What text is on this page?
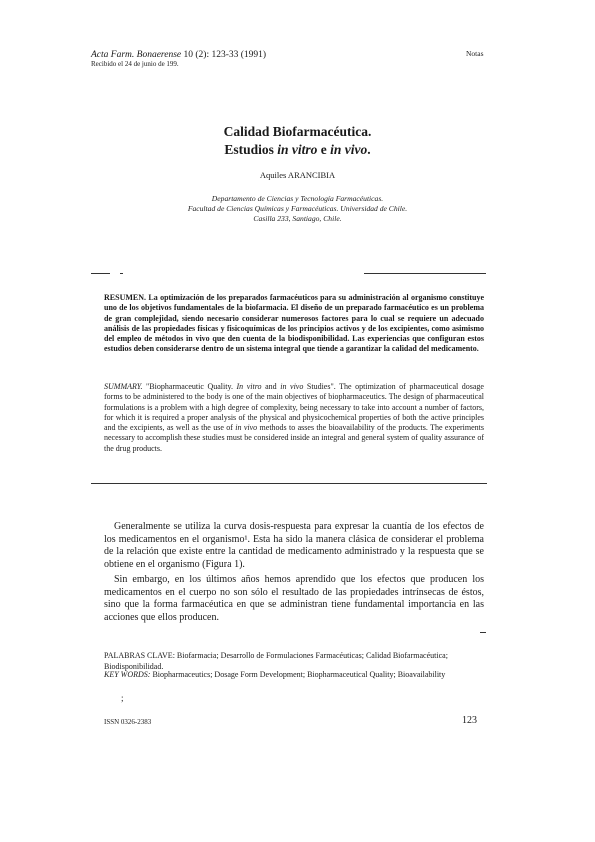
Acta Farm. Bonaerense 10 (2): 123-33 (1991)
Recibido el 24 de junio de 199.
Notas
Calidad Biofarmacéutica.
Estudios in vitro e in vivo.
Aquiles ARANCIBIA
Departamento de Ciencias y Tecnología Farmacéuticas.
Facultad de Ciencias Químicas y Farmacéuticas. Universidad de Chile.
Casilla 233, Santiago, Chile.
RESUMEN. La optimización de los preparados farmacéuticos para su administración al organismo constituye uno de los objetivos fundamentales de la biofarmacia. El diseño de un preparado farmacéutico es un problema de gran complejidad, siendo necesario considerar numerosos factores para lo cual se requiere un adecuado análisis de las propiedades físicas y fisicoquímicas de los principios activos y de los excipientes, como asimismo del empleo de métodos in vivo que den cuenta de la biodisponibilidad. Las experiencias que configuran estos estudios deben considerarse dentro de un sistema integral que tiende a garantizar la calidad del medicamento.
SUMMARY. "Biopharmaceutic Quality. In vitro and in vivo Studies". The optimization of pharmaceutical dosage forms to be administered to the body is one of the main objectives of biopharmaceutics. The design of pharmaceutical formulations is a problem with a high degree of complexity, being necessary to take into account a number of factors, for which it is required a proper analysis of the physical and physicochemical properties of both the active principles and the excipients, as well as the use of in vivo methods to asses the bioavailability of the products. The experiments necessary to accomplish these studies must be considered inside an integral and general system of quality assurance of the drug products.
Generalmente se utiliza la curva dosis-respuesta para expresar la cuantía de los efectos de los medicamentos en el organismo¹. Esta ha sido la manera clásica de considerar el problema de la relación que existe entre la cantidad de medicamento administrado y la respuesta que se obtiene en el organismo (Figura 1).
Sin embargo, en los últimos años hemos aprendido que los efectos que producen los medicamentos en el cuerpo no son sólo el resultado de las propiedades intrínsecas de éstos, sino que la forma farmacéutica en que se administran tiene fundamental importancia en las acciones que ellos producen.
PALABRAS CLAVE: Biofarmacia; Desarrollo de Formulaciones Farmacéuticas; Calidad Biofarmacéutica; Biodisponibilidad.
KEY WORDS: Biopharmaceutics; Dosage Form Development; Biopharmaceutical Quality; Bioavailability
;
ISSN 0326-2383	123
